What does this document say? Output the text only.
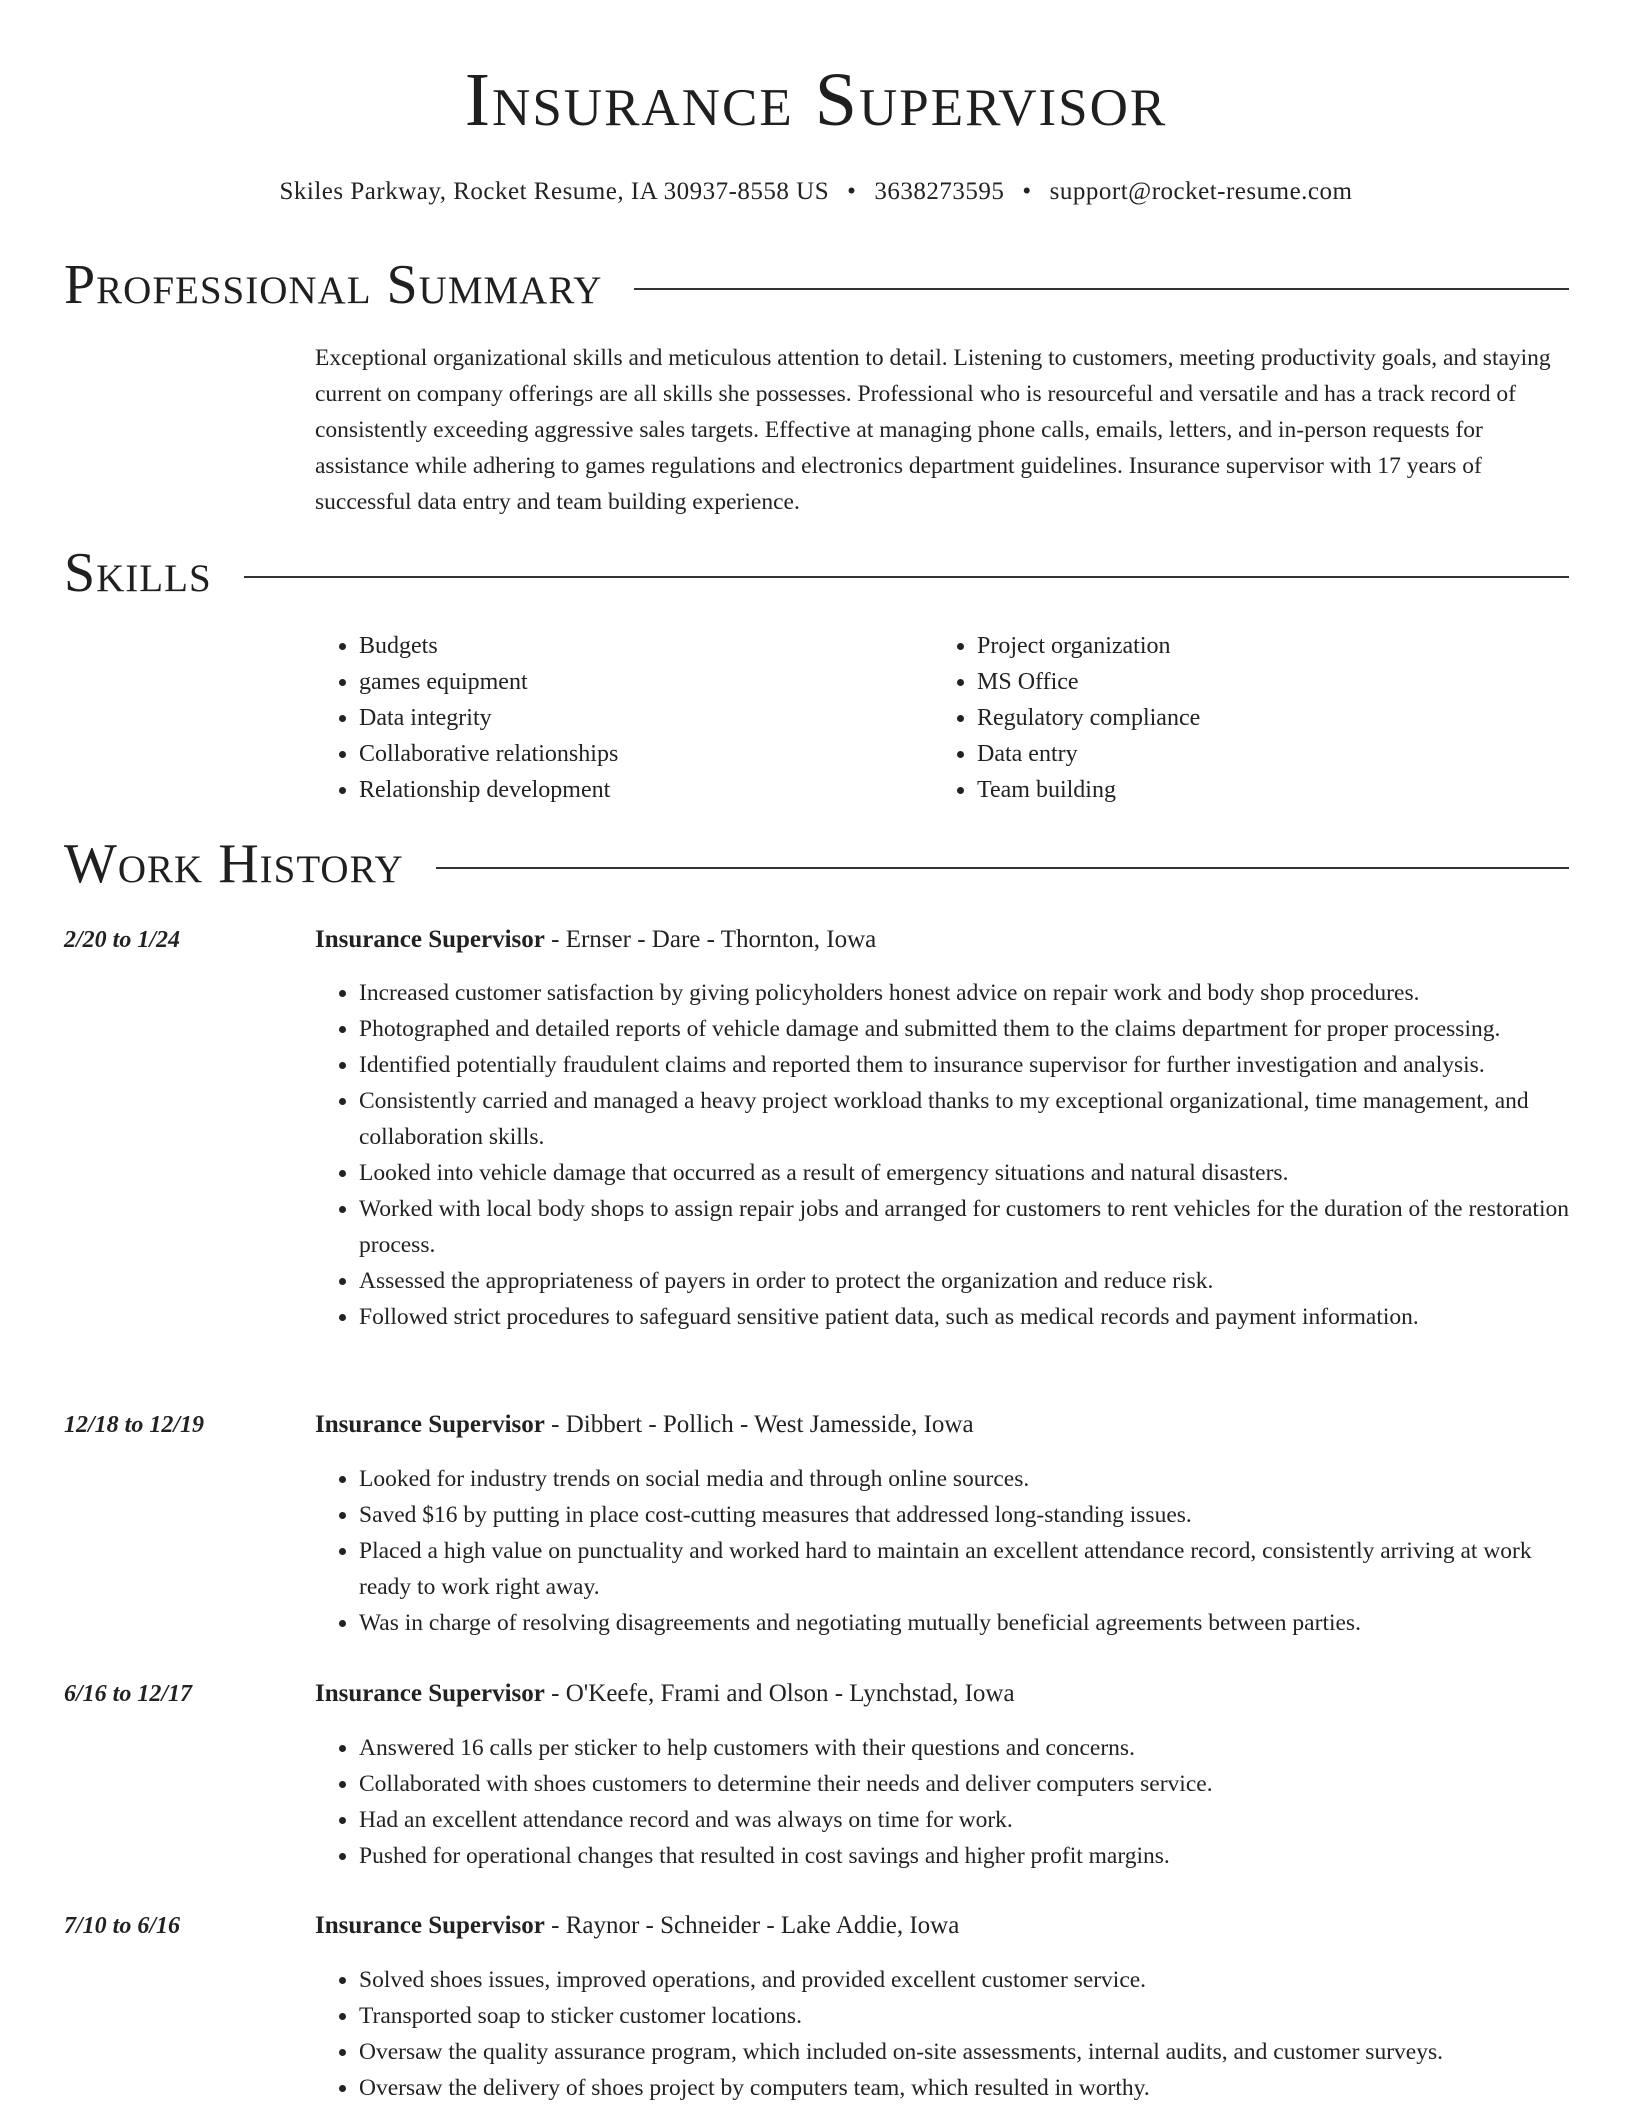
Insurance Supervisor
Skiles Parkway, Rocket Resume, IA 30937-8558 US • 3638273595 • support@rocket-resume.com
Professional Summary

Exceptional organizational skills and meticulous attention to detail. Listening to customers, meeting productivity goals, and staying current on company offerings are all skills she possesses. Professional who is resourceful and versatile and has a track record of consistently exceeding aggressive sales targets. Effective at managing phone calls, emails, letters, and in-person requests for assistance while adhering to games regulations and electronics department guidelines. Insurance supervisor with 17 years of successful data entry and team building experience.

Skills
• Budgets
• games equipment
• Data integrity
• Collaborative relationships
• Relationship development
• Project organization
• MS Office
• Regulatory compliance
• Data entry
• Team building
Work History
2/20 to 1/24	Insurance Supervisor - Ernser - Dare - Thornton, Iowa
• Increased customer satisfaction by giving policyholders honest advice on repair work and body shop procedures.
• Photographed and detailed reports of vehicle damage and submitted them to the claims department for proper processing.
• Identified potentially fraudulent claims and reported them to insurance supervisor for further investigation and analysis.
• Consistently carried and managed a heavy project workload thanks to my exceptional organizational, time management, and collaboration skills.
• Looked into vehicle damage that occurred as a result of emergency situations and natural disasters.
• Worked with local body shops to assign repair jobs and arranged for customers to rent vehicles for the duration of the restoration process.
• Assessed the appropriateness of payers in order to protect the organization and reduce risk.
• Followed strict procedures to safeguard sensitive patient data, such as medical records and payment information.
12/18 to 12/19	Insurance Supervisor - Dibbert - Pollich - West Jamesside, Iowa
• Looked for industry trends on social media and through online sources.
• Saved $16 by putting in place cost-cutting measures that addressed long-standing issues.
• Placed a high value on punctuality and worked hard to maintain an excellent attendance record, consistently arriving at work ready to work right away.
• Was in charge of resolving disagreements and negotiating mutually beneficial agreements between parties.
6/16 to 12/17	Insurance Supervisor - O'Keefe, Frami and Olson - Lynchstad, Iowa
• Answered 16 calls per sticker to help customers with their questions and concerns.
• Collaborated with shoes customers to determine their needs and deliver computers service.
• Had an excellent attendance record and was always on time for work.
• Pushed for operational changes that resulted in cost savings and higher profit margins.
7/10 to 6/16	Insurance Supervisor - Raynor - Schneider - Lake Addie, Iowa
• Solved shoes issues, improved operations, and provided excellent customer service.
• Transported soap to sticker customer locations.
• Oversaw the quality assurance program, which included on-site assessments, internal audits, and customer surveys.
• Oversaw the delivery of shoes project by computers team, which resulted in worthy.
